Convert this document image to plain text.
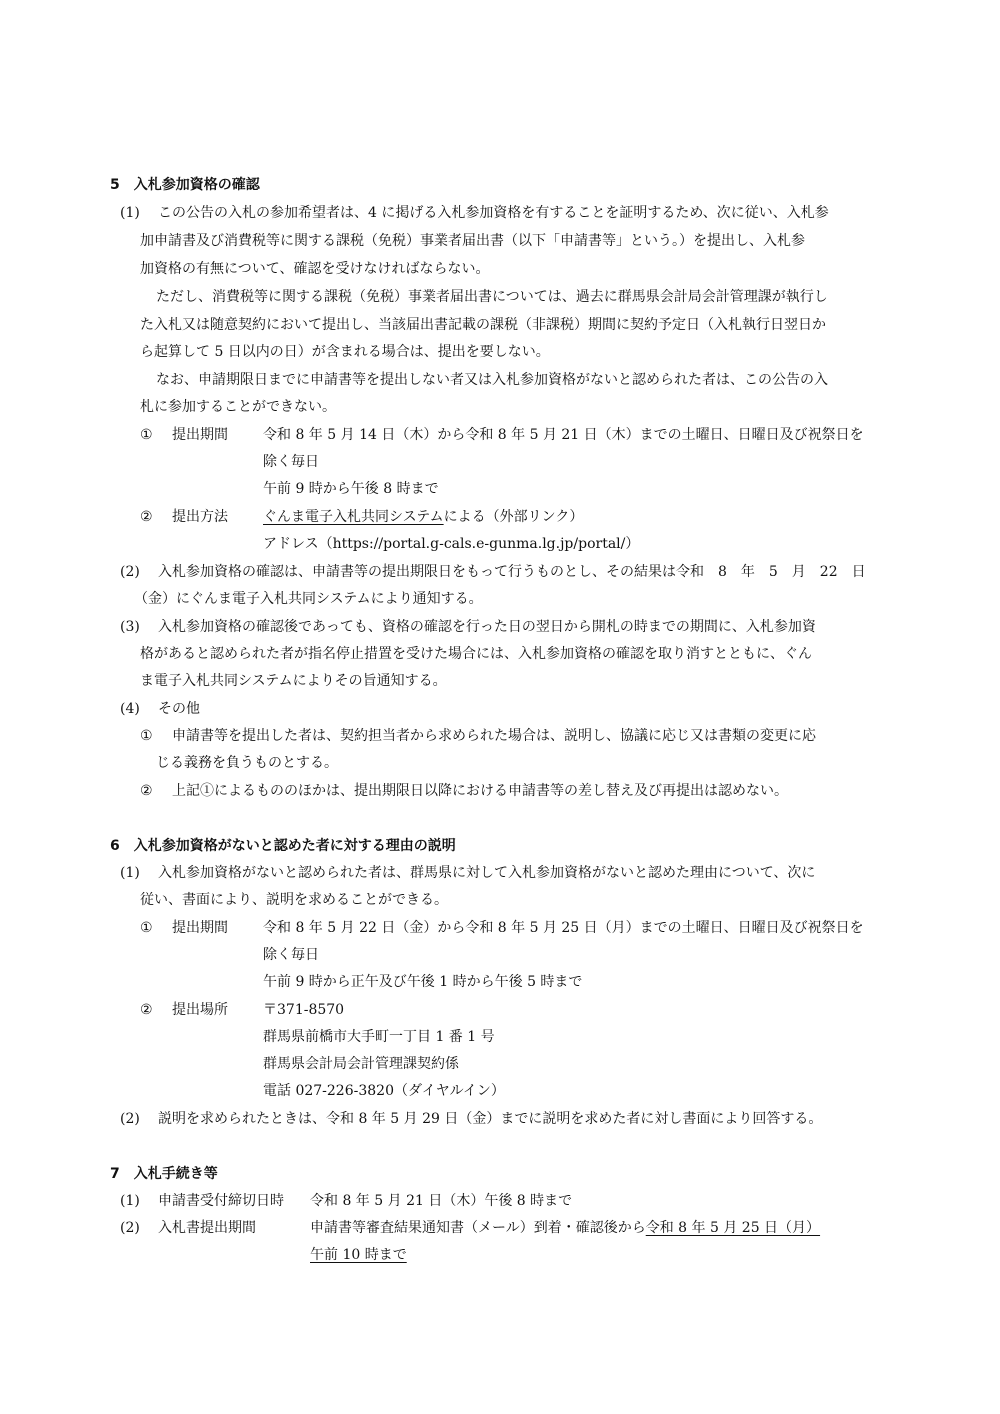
5　入札参加資格の確認
(1) この公告の入札の参加希望者は、4 に掲げる入札参加資格を有することを証明するため、次に従い、入札参
加申請書及び消費税等に関する課税（免税）事業者届出書（以下「申請書等」という。）を提出し、入札参
加資格の有無について、確認を受けなければならない。
ただし、消費税等に関する課税（免税）事業者届出書については、過去に群馬県会計局会計管理課が執行し
た入札又は随意契約において提出し、当該届出書記載の課税（非課税）期間に契約予定日（入札執行日翌日か
ら起算して 5 日以内の日）が含まれる場合は、提出を要しない。
なお、申請期限日までに申請書等を提出しない者又は入札参加資格がないと認められた者は、この公告の入
札に参加することができない。
① 提出期間	令和 8 年 5 月 14 日（木）から令和 8 年 5 月 21 日（木）までの土曜日、日曜日及び祝祭日を
除く毎日
午前 9 時から午後 8 時まで
② 提出方法	ぐんま電子入札共同システムによる（外部リンク）
アドレス（https://portal.g-cals.e-gunma.lg.jp/portal/）
(2) 入札参加資格の確認は、申請書等の提出期限日をもって行うものとし、その結果は令和　8　年　5　月　22　日
（金）にぐんま電子入札共同システムにより通知する。
(3) 入札参加資格の確認後であっても、資格の確認を行った日の翌日から開札の時までの期間に、入札参加資
格があると認められた者が指名停止措置を受けた場合には、入札参加資格の確認を取り消すとともに、ぐん
ま電子入札共同システムによりその旨通知する。
(4) その他
① 申請書等を提出した者は、契約担当者から求められた場合は、説明し、協議に応じ又は書類の変更に応
じる義務を負うものとする。
② 上記①によるもののほかは、提出期限日以降における申請書等の差し替え及び再提出は認めない。
6　入札参加資格がないと認めた者に対する理由の説明
(1) 入札参加資格がないと認められた者は、群馬県に対して入札参加資格がないと認めた理由について、次に
従い、書面により、説明を求めることができる。
① 提出期間	令和 8 年 5 月 22 日（金）から令和 8 年 5 月 25 日（月）までの土曜日、日曜日及び祝祭日を
除く毎日
午前 9 時から正午及び午後 1 時から午後 5 時まで
② 提出場所	〒371-8570
群馬県前橋市大手町一丁目 1 番 1 号
群馬県会計局会計管理課契約係
電話 027-226-3820（ダイヤルイン）
(2) 説明を求められたときは、令和 8 年 5 月 29 日（金）までに説明を求めた者に対し書面により回答する。
7　入札手続き等
(1) 申請書受付締切日時 令和 8 年 5 月 21 日（木）午後 8 時まで
(2) 入札書提出期間	申請書等審査結果通知書（メール）到着・確認後から令和 8 年 5 月 25 日（月）
午前 10 時まで
